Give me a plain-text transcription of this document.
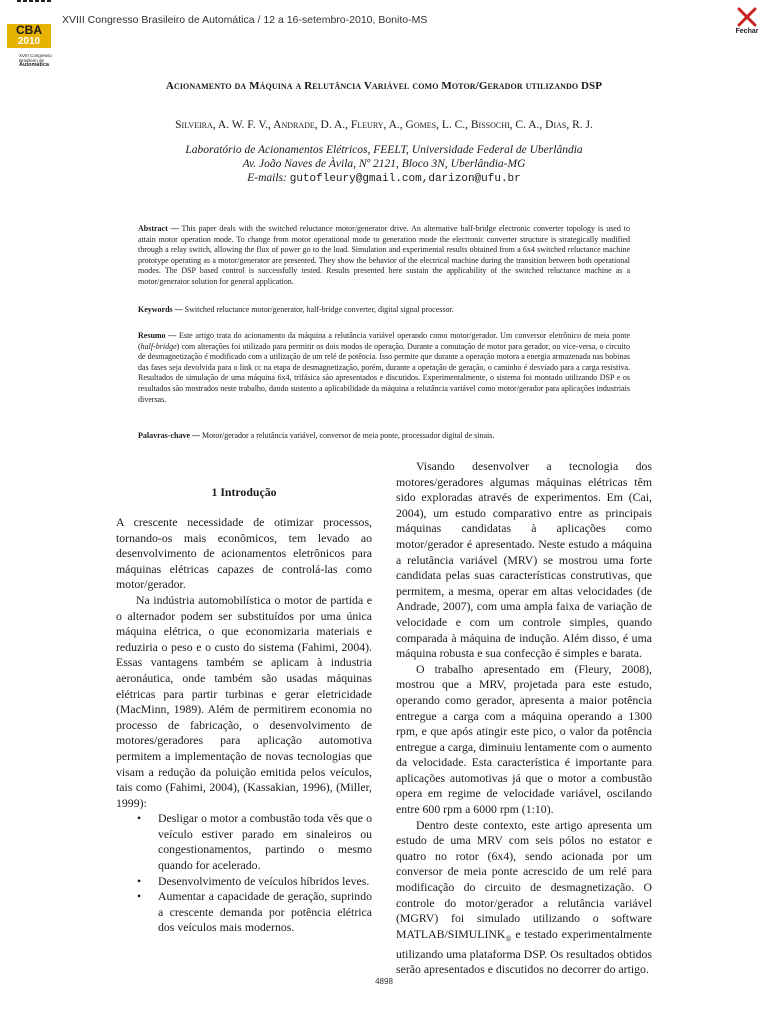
CBA
2010
XVIII Congresso
Brasileiro de
Automática
XVIII Congresso Brasileiro de Automática / 12 a 16-setembro-2010, Bonito-MS
Fechar
Acionamento da Máquina a Relutância Variável como Motor/Gerador utilizando DSP
Silveira, A. W. F. V., Andrade, D. A., Fleury, A., Gomes, L. C., Bissochi, C. A., Dias, R. J.
Laboratório de Acionamentos Elétricos, FEELT, Universidade Federal de Uberlândia
Av. João Naves de Àvila, Nº 2121, Bloco 3N, Uberlândia-MG
E-mails: gutofleury@gmail.com,darizon@ufu.br
Abstract — This paper deals with the switched reluctance motor/generator drive. An alternative half-bridge electronic converter topology is used to attain motor operation mode. To change from motor operational mode to generation mode the electronic converter structure is strategically modified through a relay switch, allowing the flux of power go to the load. Simulation and experimental results obtained from a 6x4 switched reluctance machine prototype operating as a motor/generator are presented. They show the behavior of the electrical machine during the transition between both operational modes. The DSP based control is successfully tested. Results presented here sustain the applicability of the switched reluctance machine as a motor/generator solution for general application.
Keywords — Switched reluctance motor/generator, half-bridge converter, digital signal processor.
Resumo — Este artigo trata do acionamento da máquina a relutância variável operando como motor/gerador. Um conversor eletrônico de meia ponte (half-bridge) com alterações foi utilizado para permitir os dois modos de operação. Durante a comutação de motor para gerador, ou vice-versa, o circuito de desmagnetização é modificado com a utilização de um relé de potência. Isso permite que durante a operação motora a energia armazenada nas bobinas das fases seja devolvida para o link cc na etapa de desmagnetização, porém, durante a operação de geração, o caminho é desviado para a carga resistiva. Resultados de simulação de uma máquina 6x4, trifásica são apresentados e discutidos. Experimentalmente, o sistema foi montado utilizando DSP e os resultados são mostrados neste trabalho, dando sustento a aplicabilidade da máquina a relutância variável como motor/gerador para aplicações industriais diversas.
Palavras-chave — Motor/gerador a relutância variável, conversor de meia ponte, processador digital de sinais.
1 Introdução

A crescente necessidade de otimizar processos, tornando-os mais econômicos, tem levado ao desenvolvimento de acionamentos eletrônicos para máquinas elétricas capazes de controlá-las como motor/gerador.

Na indústria automobilística o motor de partida e o alternador podem ser substituídos por uma única máquina elétrica, o que economizaria materiais e reduziria o peso e o custo do sistema (Fahimi, 2004). Essas vantagens também se aplicam à industria aeronáutica, onde também são usadas máquinas elétricas para partir turbinas e gerar eletricidade (MacMinn, 1989). Além de permitirem economia no processo de fabricação, o desenvolvimento de motores/geradores para aplicação automotiva permitem a implementação de novas tecnologias que visam a redução da poluição emitida pelos veículos, tais como (Fahimi, 2004), (Kassakian, 1996), (Miller, 1999):

• Desligar o motor a combustão toda vês que o veículo estiver parado em sinaleiros ou congestionamentos, partindo o mesmo quando for acelerado.
• Desenvolvimento de veículos híbridos leves.
• Aumentar a capacidade de geração, suprindo a crescente demanda por potência elétrica dos veículos mais modernos.

Visando desenvolver a tecnologia dos motores/geradores algumas máquinas elétricas têm sido exploradas através de experimentos. Em (Cai, 2004), um estudo comparativo entre as principais máquinas candidatas à aplicações como motor/gerador é apresentado. Neste estudo a máquina a relutância variável (MRV) se mostrou uma forte candidata pelas suas características construtivas, que permitem, a mesma, operar em altas velocidades (de Andrade, 2007), com uma ampla faixa de variação de velocidade e com um controle simples, quando comparada à máquina de indução. Além disso, é uma máquina robusta e sua confecção é simples e barata.

O trabalho apresentado em (Fleury, 2008), mostrou que a MRV, projetada para este estudo, operando como gerador, apresenta a maior potência entregue a carga com a máquina operando a 1300 rpm, e que após atingir este pico, o valor da potência entregue a carga, diminuiu lentamente com o aumento da velocidade. Esta característica é importante para aplicações automotivas já que o motor a combustão opera em regime de velocidade variável, oscilando entre 600 rpm a 6000 rpm (1:10).

Dentro deste contexto, este artigo apresenta um estudo de uma MRV com seis pólos no estator e quatro no rotor (6x4), sendo acionada por um conversor de meia ponte acrescido de um relé para modificação do circuito de desmagnetização. O controle do motor/gerador a relutância variável (MGRV) foi simulado utilizando o software MATLAB/$SIMULINK_®$ e testado experimentalmente utilizando uma plataforma DSP. Os resultados obtidos serão apresentados e discutidos no decorrer do artigo.

4898
